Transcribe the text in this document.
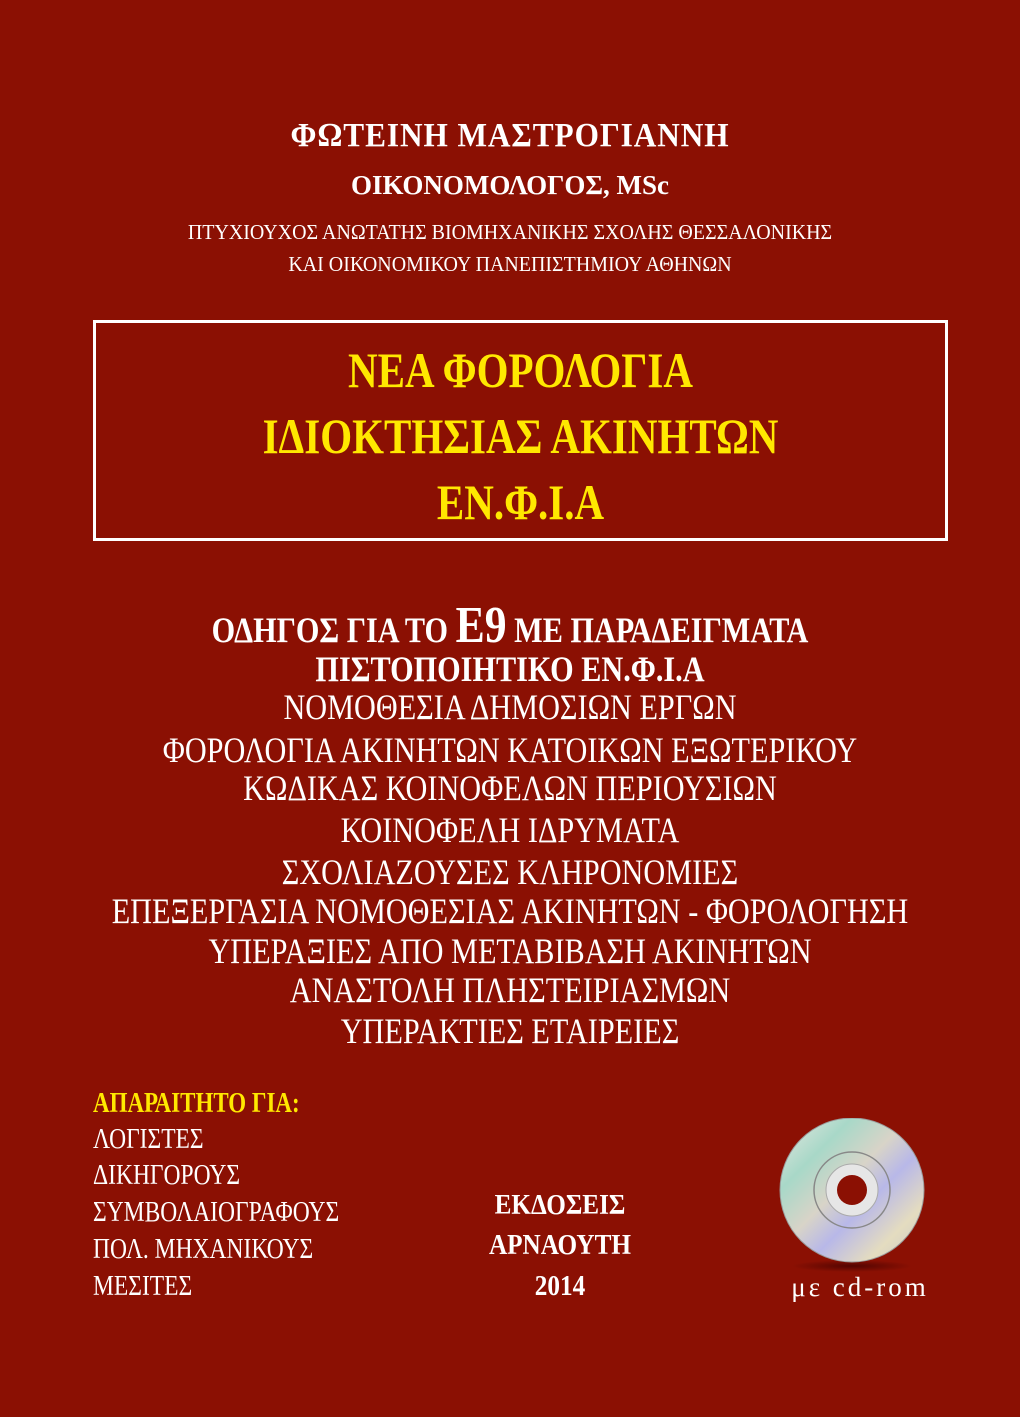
ΦΩΤΕΙΝΗ ΜΑΣΤΡΟΓΙΑΝΝΗ
ΟΙΚΟΝΟΜΟΛΟΓΟΣ, MSc
ΠΤΥΧΙΟΥΧΟΣ ΑΝΩΤΑΤΗΣ ΒΙΟΜΗΧΑΝΙΚΗΣ ΣΧΟΛΗΣ ΘΕΣΣΑΛΟΝΙΚΗΣ
ΚΑΙ ΟΙΚΟΝΟΜΙΚΟΥ ΠΑΝΕΠΙΣΤΗΜΙΟΥ ΑΘΗΝΩΝ
ΝΕΑ ΦΟΡΟΛΟΓΙΑ
ΙΔΙΟΚΤΗΣΙΑΣ ΑΚΙΝΗΤΩΝ
ΕΝ.Φ.Ι.Α
ΟΔΗΓΟΣ ΓΙΑ ΤΟ Ε9 ΜΕ ΠΑΡΑΔΕΙΓΜΑΤΑ
ΠΙΣΤΟΠΟΙΗΤΙΚΟ ΕΝ.Φ.Ι.Α
ΝΟΜΟΘΕΣΙΑ ΔΗΜΟΣΙΩΝ ΕΡΓΩΝ
ΦΟΡΟΛΟΓΙΑ ΑΚΙΝΗΤΩΝ ΚΑΤΟΙΚΩΝ ΕΞΩΤΕΡΙΚΟΥ
ΚΩΔΙΚΑΣ ΚΟΙΝΟΦΕΛΩΝ ΠΕΡΙΟΥΣΙΩΝ
ΚΟΙΝΟΦΕΛΗ ΙΔΡΥΜΑΤΑ
ΣΧΟΛΙΑΖΟΥΣΕΣ ΚΛΗΡΟΝΟΜΙΕΣ
ΕΠΕΞΕΡΓΑΣΙΑ ΝΟΜΟΘΕΣΙΑΣ ΑΚΙΝΗΤΩΝ - ΦΟΡΟΛΟΓΗΣΗ
ΥΠΕΡΑΞΙΕΣ ΑΠΟ ΜΕΤΑΒΙΒΑΣΗ ΑΚΙΝΗΤΩΝ
ΑΝΑΣΤΟΛΗ ΠΛΗΣΤΕΙΡΙΑΣΜΩΝ
ΥΠΕΡΑΚΤΙΕΣ ΕΤΑΙΡΕΙΕΣ
ΑΠΑΡΑΙΤΗΤΟ ΓΙΑ:
ΛΟΓΙΣΤΕΣ
ΔΙΚΗΓΟΡΟΥΣ
ΣΥΜΒΟΛΑΙΟΓΡΑΦΟΥΣ
ΠΟΛ. ΜΗΧΑΝΙΚΟΥΣ
ΜΕΣΙΤΕΣ
ΕΚΔΟΣΕΙΣ
ΑΡΝΑΟΥΤΗ
2014	με cd-rom
